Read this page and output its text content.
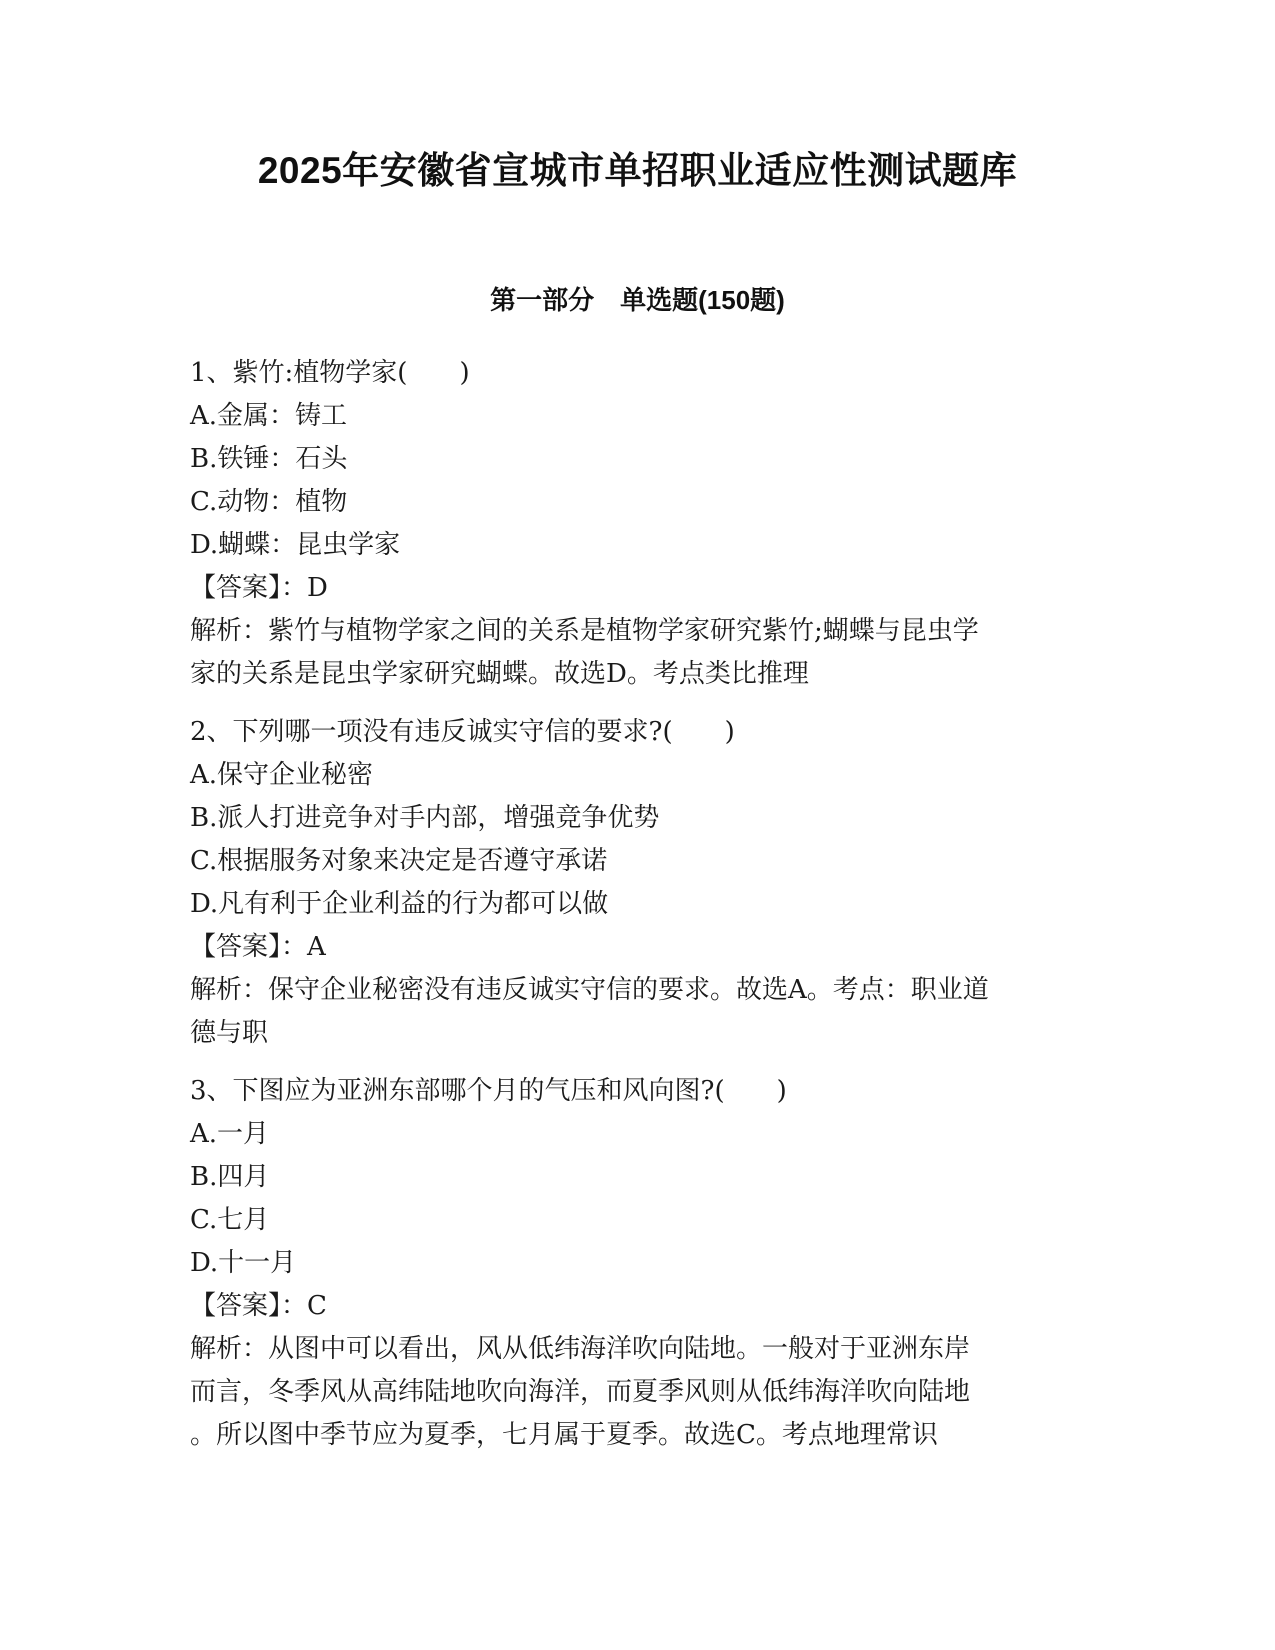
2025年安徽省宣城市单招职业适应性测试题库
第一部分　单选题(150题)
1、紫竹:植物学家(　　)
A.金属：铸工
B.铁锤：石头
C.动物：植物
D.蝴蝶：昆虫学家
【答案】：D
解析：紫竹与植物学家之间的关系是植物学家研究紫竹;蝴蝶与昆虫学
家的关系是昆虫学家研究蝴蝶。故选D。考点类比推理
2、下列哪一项没有违反诚实守信的要求?(　　)
A.保守企业秘密
B.派人打进竞争对手内部，增强竞争优势
C.根据服务对象来决定是否遵守承诺
D.凡有利于企业利益的行为都可以做
【答案】：A
解析：保守企业秘密没有违反诚实守信的要求。故选A。考点：职业道
德与职
3、下图应为亚洲东部哪个月的气压和风向图?(　　)
A.一月
B.四月
C.七月
D.十一月
【答案】：C
解析：从图中可以看出，风从低纬海洋吹向陆地。一般对于亚洲东岸
而言，冬季风从高纬陆地吹向海洋，而夏季风则从低纬海洋吹向陆地
。所以图中季节应为夏季，七月属于夏季。故选C。考点地理常识
